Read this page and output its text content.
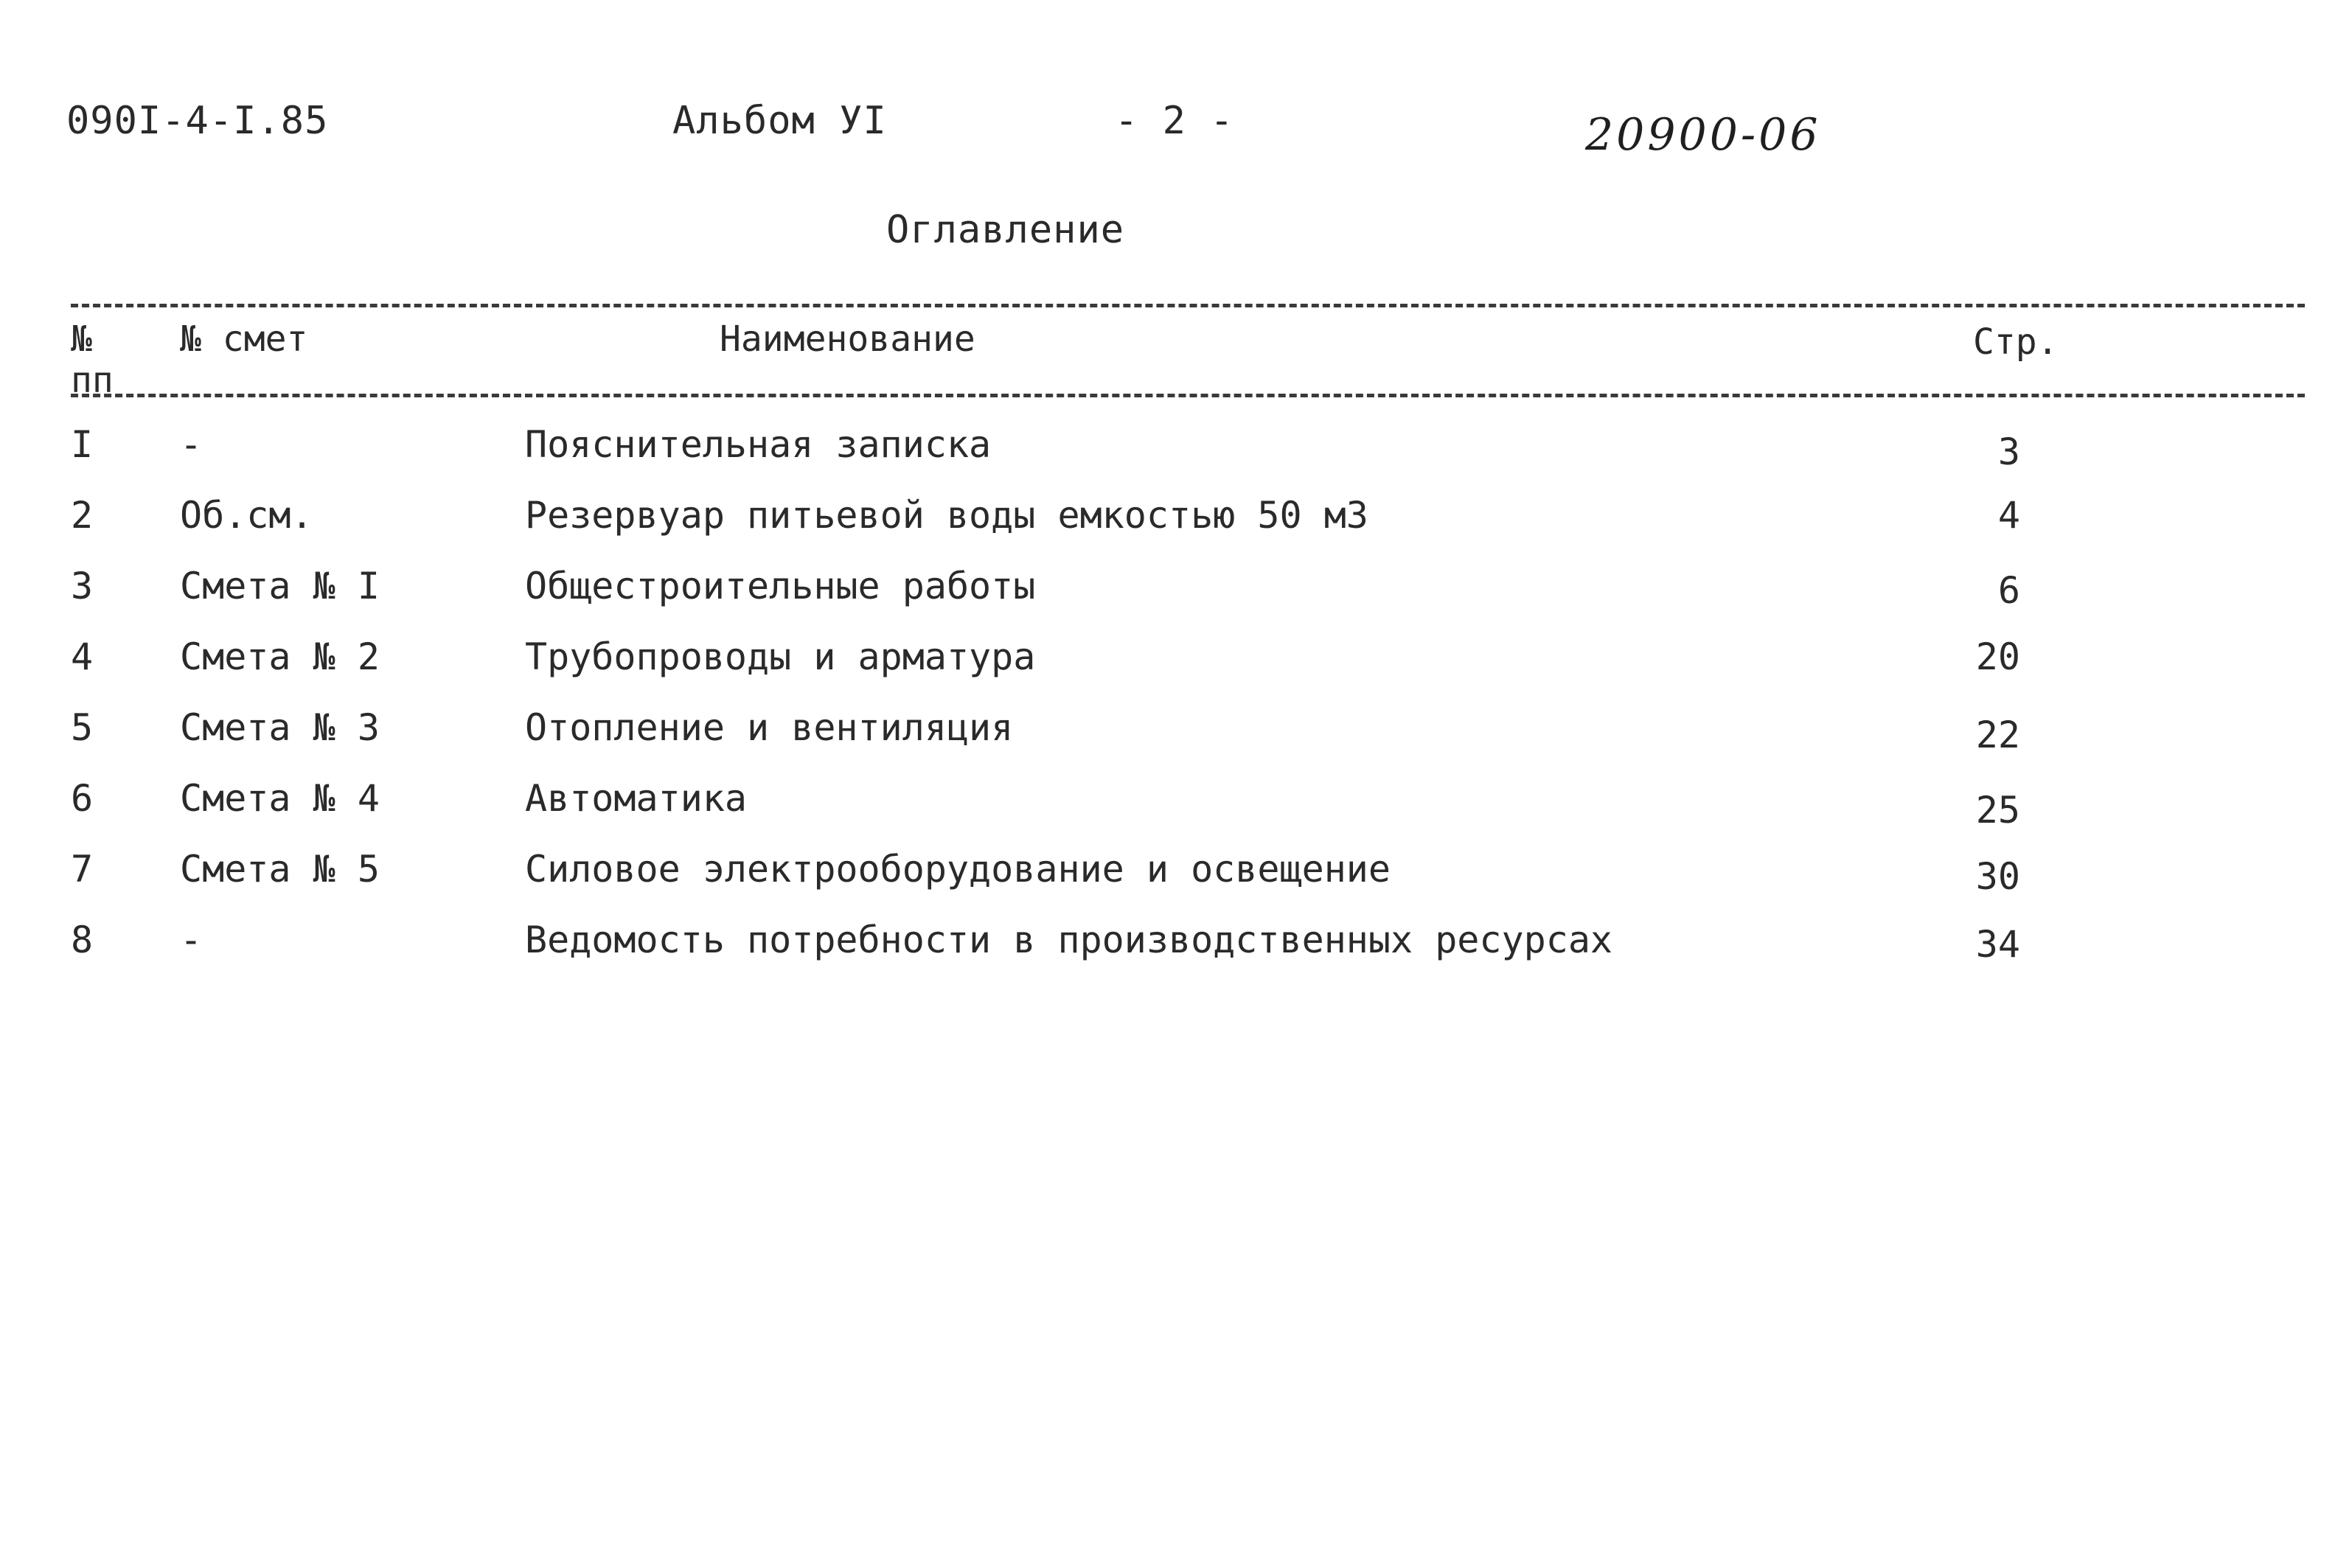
090I-4-I.85	Альбом УI	- 2 -	20900-06
Оглавление
№
пп
№ смет	Наименование	Стр.
I -	Пояснительная записка	3
2 Об.см.	Резервуар питьевой воды емкостью 50 м3	4
3 Смета № I	Общестроительные работы	6
4 Смета № 2	Трубопроводы и арматура	20
5 Смета № 3	Отопление и вентиляция	22
6 Смета № 4	Автоматика	25
7 Смета № 5	Силовое электрооборудование и освещение	30
8 -	Ведомость потребности в производственных ресурсах	34
